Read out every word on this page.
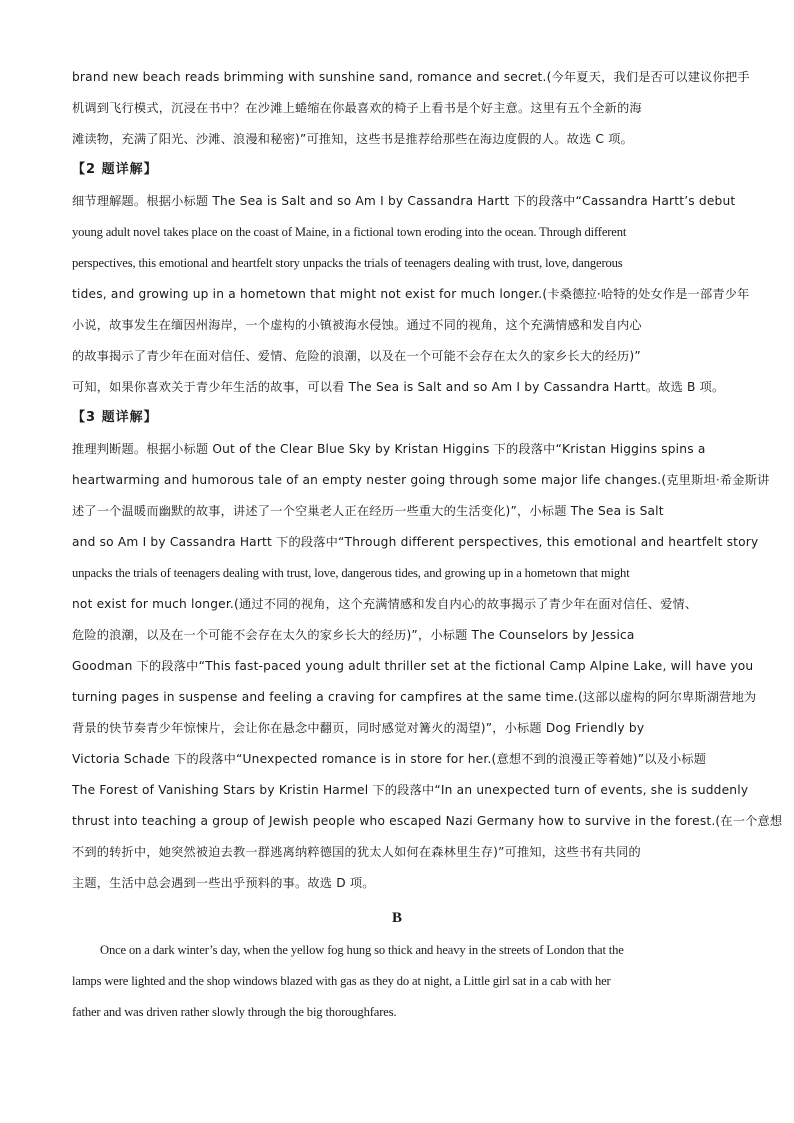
brand new beach reads brimming with sunshine sand, romance and secret.(今年夏天，我们是否可以建议你把手
机调到飞行模式，沉浸在书中？在沙滩上蜷缩在你最喜欢的椅子上看书是个好主意。这里有五个全新的海
滩读物，充满了阳光、沙滩、浪漫和秘密)”可推知，这些书是推荐给那些在海边度假的人。故选 C 项。
【2 题详解】
细节理解题。根据小标题 The Sea is Salt and so Am I by Cassandra Hartt 下的段落中“Cassandra Hartt’s debut
young adult novel takes place on the coast of Maine, in a fictional town eroding into the ocean. Through different
perspectives, this emotional and heartfelt story unpacks the trials of teenagers dealing with trust, love, dangerous
tides, and growing up in a hometown that might not exist for much longer.(卡桑德拉·哈特的处女作是一部青少年
小说，故事发生在缅因州海岸，一个虚构的小镇被海水侵蚀。通过不同的视角，这个充满情感和发自内心
的故事揭示了青少年在面对信任、爱情、危险的浪潮，以及在一个可能不会存在太久的家乡长大的经历)”
可知，如果你喜欢关于青少年生活的故事，可以看 The Sea is Salt and so Am I by Cassandra Hartt。故选 B 项。
【3 题详解】
推理判断题。根据小标题 Out of the Clear Blue Sky by Kristan Higgins 下的段落中“Kristan Higgins spins a
heartwarming and humorous tale of an empty nester going through some major life changes.(克里斯坦·希金斯讲
述了一个温暖而幽默的故事，讲述了一个空巢老人正在经历一些重大的生活变化)”，小标题 The Sea is Salt
and so Am I by Cassandra Hartt 下的段落中“Through different perspectives, this emotional and heartfelt story
unpacks the trials of teenagers dealing with trust, love, dangerous tides, and growing up in a hometown that might
not exist for much longer.(通过不同的视角，这个充满情感和发自内心的故事揭示了青少年在面对信任、爱情、
危险的浪潮，以及在一个可能不会存在太久的家乡长大的经历)”，小标题 The Counselors by Jessica
Goodman 下的段落中“This fast-paced young adult thriller set at the fictional Camp Alpine Lake, will have you
turning pages in suspense and feeling a craving for campfires at the same time.(这部以虚构的阿尔卑斯湖营地为
背景的快节奏青少年惊悚片，会让你在悬念中翻页，同时感觉对篝火的渴望)”，小标题 Dog Friendly by
Victoria Schade 下的段落中“Unexpected romance is in store for her.(意想不到的浪漫正等着她)”以及小标题
The Forest of Vanishing Stars by Kristin Harmel 下的段落中“In an unexpected turn of events, she is suddenly
thrust into teaching a group of Jewish people who escaped Nazi Germany how to survive in the forest.(在一个意想
不到的转折中，她突然被迫去教一群逃离纳粹德国的犹太人如何在森林里生存)”可推知，这些书有共同的
主题，生活中总会遇到一些出乎预料的事。故选 D 项。
B
Once on a dark winter’s day, when the yellow fog hung so thick and heavy in the streets of London that the
lamps were lighted and the shop windows blazed with gas as they do at night, a Little girl sat in a cab with her
father and was driven rather slowly through the big thoroughfares.
